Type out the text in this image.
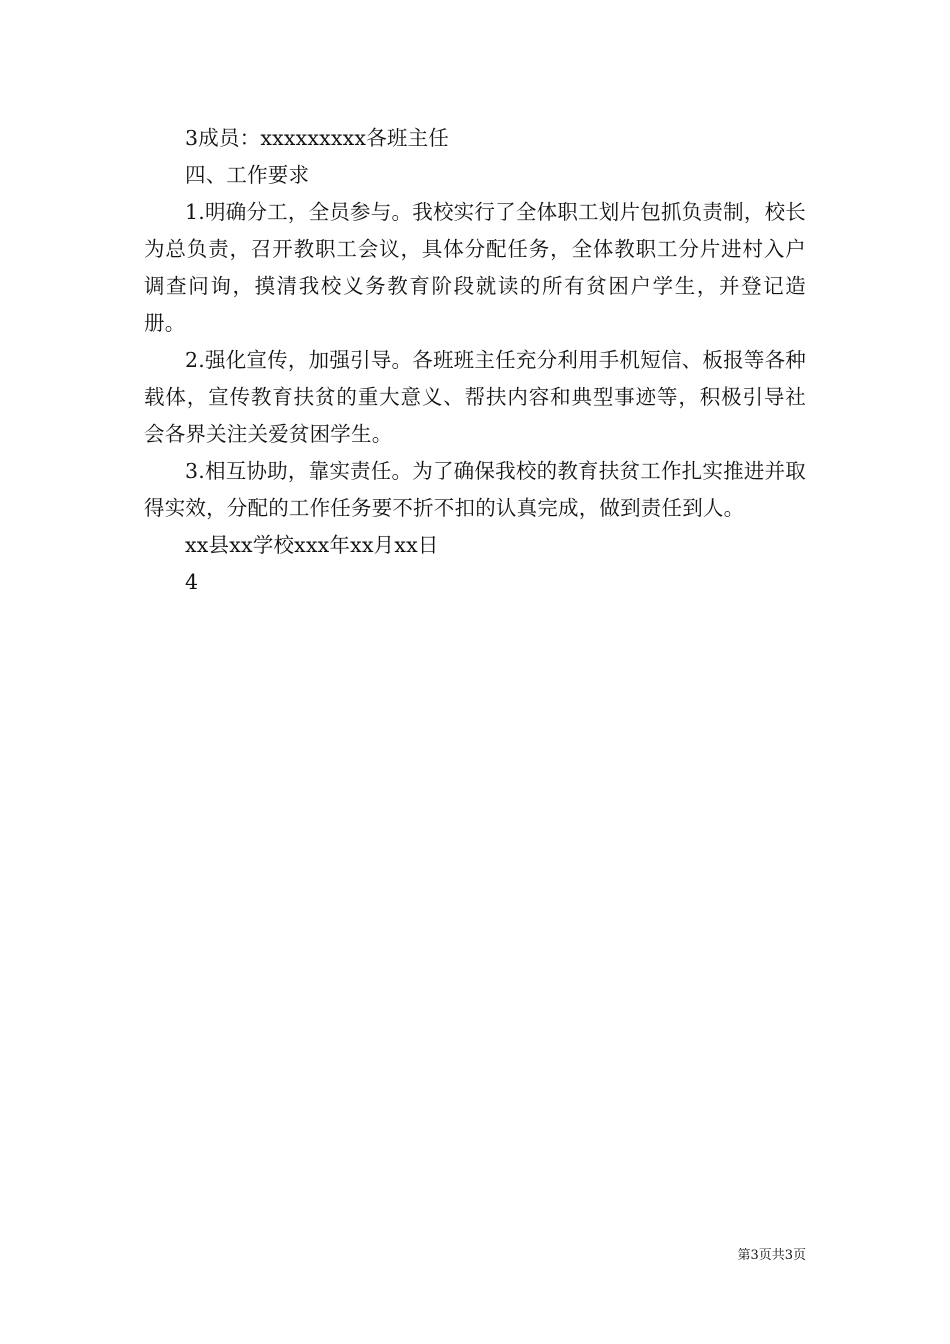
3成员：xxxxxxxxx各班主任

四、工作要求

1.明确分工，全员参与。我校实行了全体职工划片包抓负责制，校长为总负责，召开教职工会议，具体分配任务，全体教职工分片进村入户调查问询，摸清我校义务教育阶段就读的所有贫困户学生，并登记造册。

2.强化宣传，加强引导。各班班主任充分利用手机短信、板报等各种载体，宣传教育扶贫的重大意义、帮扶内容和典型事迹等，积极引导社会各界关注关爱贫困学生。

3.相互协助，靠实责任。为了确保我校的教育扶贫工作扎实推进并取得实效，分配的工作任务要不折不扣的认真完成，做到责任到人。

xx县xx学校xxx年xx月xx日

4

第3页共3页
